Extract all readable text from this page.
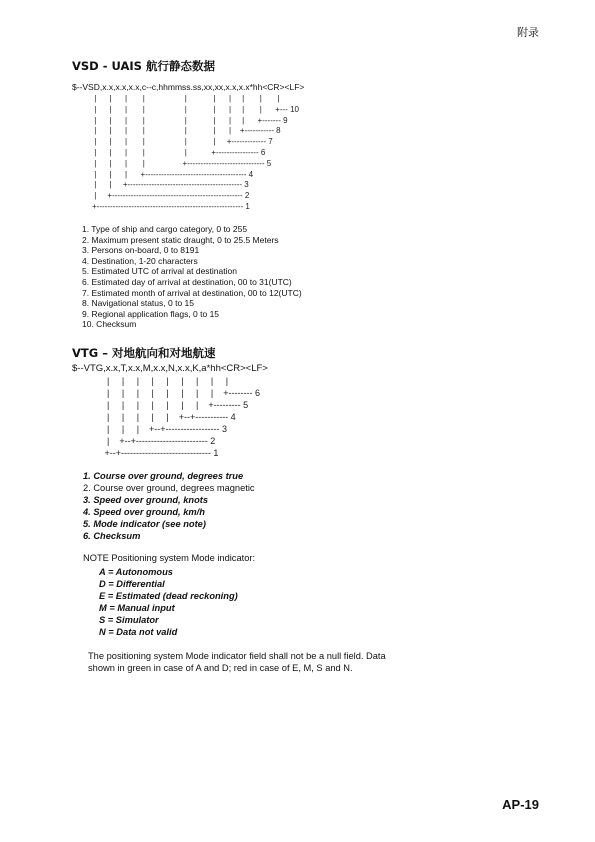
附录
VSD - UAIS 航行静态数据
$--VSD,x.x,x.x,x.x,c--c,hhmmss.ss,xx,xx,x.x,x.x*hh<CR><LF>
|      |      |       |                  |            |      |     |       |       |
|      |      |       |                  |            |      |     |       |      +--- 10
|      |      |       |                  |            |      |     |      +------- 9
|      |      |       |                  |            |      |    +----------- 8
|      |      |       |                  |            |     +------------- 7
|      |      |       |                  |           +---------------- 6
|      |      |       |                 +----------------------------- 5
|      |      |      +-------------------------------------- 4
|      |     +------------------------------------------- 3
|     +------------------------------------------------- 2
+------------------------------------------------------- 1
1. Type of ship and cargo category, 0 to 255
2. Maximum present static draught, 0 to 25.5 Meters
3. Persons on-board, 0 to 8191
4. Destination, 1-20 characters
5. Estimated UTC of arrival at destination
6. Estimated day of arrival at destination, 00 to 31(UTC)
7. Estimated month of arrival at destination, 00 to 12(UTC)
8. Navigational status, 0 to 15
9. Regional application flags, 0 to 15
10. Checksum
VTG – 对地航向和对地航速
$--VTG,x.x,T,x.x,M,x.x,N,x.x,K,a*hh<CR><LF>
|     |     |     |     |     |     |     |     |
|     |     |     |     |     |     |     |    +-------- 6
|     |     |     |     |     |     |    +--------- 5
|     |     |     |     |    +--+----------- 4
|     |     |    +--+------------------ 3
|    +--+------------------------ 2
+--+------------------------------ 1
1. Course over ground, degrees true
2. Course over ground, degrees magnetic
3. Speed over ground, knots
4. Speed over ground, km/h
5. Mode indicator (see note)
6. Checksum
NOTE Positioning system Mode indicator:
A = Autonomous
D = Differential
E = Estimated (dead reckoning)
M = Manual input
S = Simulator
N = Data not valid
The positioning system Mode indicator field shall not be a null field. Data shown in green in case of A and D; red in case of E, M, S and N.
AP-19
